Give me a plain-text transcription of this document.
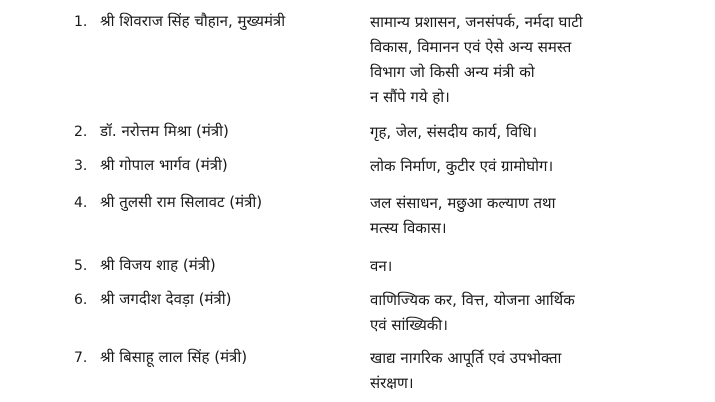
1. श्री शिवराज सिंह चौहान, मुख्यमंत्री	सामान्य प्रशासन, जनसंपर्क, नर्मदा घाटी
विकास, विमानन एवं ऐसे अन्य समस्त
विभाग जो किसी अन्य मंत्री को
न सौंपे गये हो।
2. डॉ. नरोत्तम मिश्रा (मंत्री)	गृह, जेल, संसदीय कार्य, विधि।
3. श्री गोपाल भार्गव (मंत्री)	लोक निर्माण, कुटीर एवं ग्रामोघोग।
4. श्री तुलसी राम सिलावट (मंत्री)	जल संसाधन, मछुआ कल्याण तथा
मत्स्य विकास।
5. श्री विजय शाह (मंत्री)	वन।
6. श्री जगदीश देवड़ा (मंत्री)	वाणिज्यिक कर, वित्त, योजना आर्थिक
एवं सांख्यिकी।
7. श्री बिसाहू लाल सिंह (मंत्री)	खाद्य नागरिक आपूर्ति एवं उपभोक्ता
संरक्षण।
